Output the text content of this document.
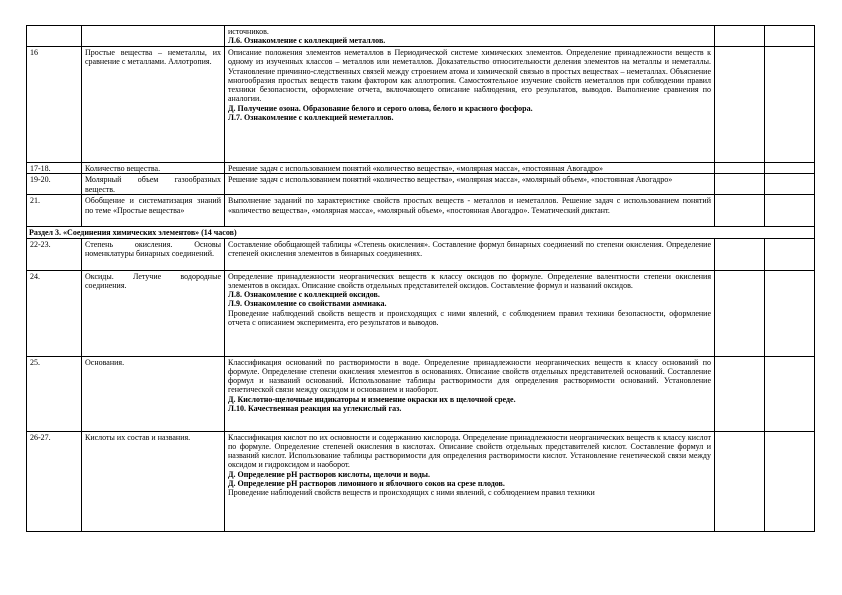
		источников.

Л.6. Ознакомление с коллекцией металлов.		

16	Простые вещества – неметаллы, их сравнение с металлами. Аллотропия.	Описание положения элементов неметаллов в Периодической системе химических элементов. Определение принадлежности веществ к одному из изученных классов – металлов или неметаллов. Доказательство относительности деления элементов на металлы и неметаллы. Установление причинно-следственных связей между строением атома и химической связью в простых веществах – неметаллах. Объяснение многообразия простых веществ таким фактором как аллотропия. Самостоятельное изучение свойств неметаллов при соблюдении правил техники безопасности, оформление отчета, включающего описание наблюдения, его результатов, выводов. Выполнение сравнения по аналогии.

Д. Получение озона. Образование белого и серого олова, белого и красного фосфора.

Л.7. Ознакомление с коллекцией неметаллов.		

17-18.	Количество вещества.	Решение задач с использованием понятий «количество вещества», «молярная масса», «постоянная Авогадро»		

19-20.	Молярный объем газообразных веществ.	Решение задач с использованием понятий «количество вещества», «молярная масса», «молярный объем», «постоянная Авогадро»		

21.	Обобщение и систематизация знаний по теме «Простые вещества»	Выполнение заданий по характеристике свойств простых веществ - металлов и неметаллов. Решение задач с использованием понятий «количество вещества», «молярная масса», «молярный объем», «постоянная Авогадро». Тематический диктант.		

Раздел 3. «Соединения химических элементов» (14 часов)				
22-23.	Степень окисления. Основы номенклатуры бинарных соединений.	Составление обобщающей таблицы «Степень окисления». Составление формул бинарных соединений по степени окисления. Определение степеней окисления элементов в бинарных соединениях.		

24.	Оксиды. Летучие водородные соединения.	Определение принадлежности неорганических веществ к классу оксидов по формуле. Определение валентности степени окисления элементов в оксидах. Описание свойств отдельных представителей оксидов. Составление формул и названий оксидов.

Л.8. Ознакомление с коллекцией оксидов.

Л.9. Ознакомление со свойствами аммиака.

Проведение наблюдений свойств веществ и происходящих с ними явлений, с соблюдением правил техники безопасности, оформление отчета с описанием эксперимента, его результатов и выводов.		

25.	Основания.	Классификация оснований по растворимости в воде. Определение принадлежности неорганических веществ к классу оснований по формуле. Определение степени окисления элементов в основаниях. Описание свойств отдельных представителей оснований. Составление формул и названий оснований. Использование таблицы растворимости для определения растворимости оснований. Установление генетической связи между оксидом и основанием и наоборот.

Д. Кислотно-щелочные индикаторы и изменение окраски их в щелочной среде.

Л.10. Качественная реакция на углекислый газ.		

26-27.	Кислоты их состав и названия.	Классификация кислот по их основности и содержанию кислорода. Определение принадлежности неорганических веществ к классу кислот по формуле. Определение степеней окисления в кислотах. Описание свойств отдельных представителей кислот. Составление формул и названий кислот. Использование таблицы растворимости для определения растворимости кислот. Установление генетической связи между оксидом и гидроксидом и наоборот.

Д. Определение pH растворов кислоты, щелочи и воды.

Д. Определение pH растворов лимонного и яблочного соков на срезе плодов.

Проведение наблюдений свойств веществ и происходящих с ними явлений, с соблюдением правил техники		
